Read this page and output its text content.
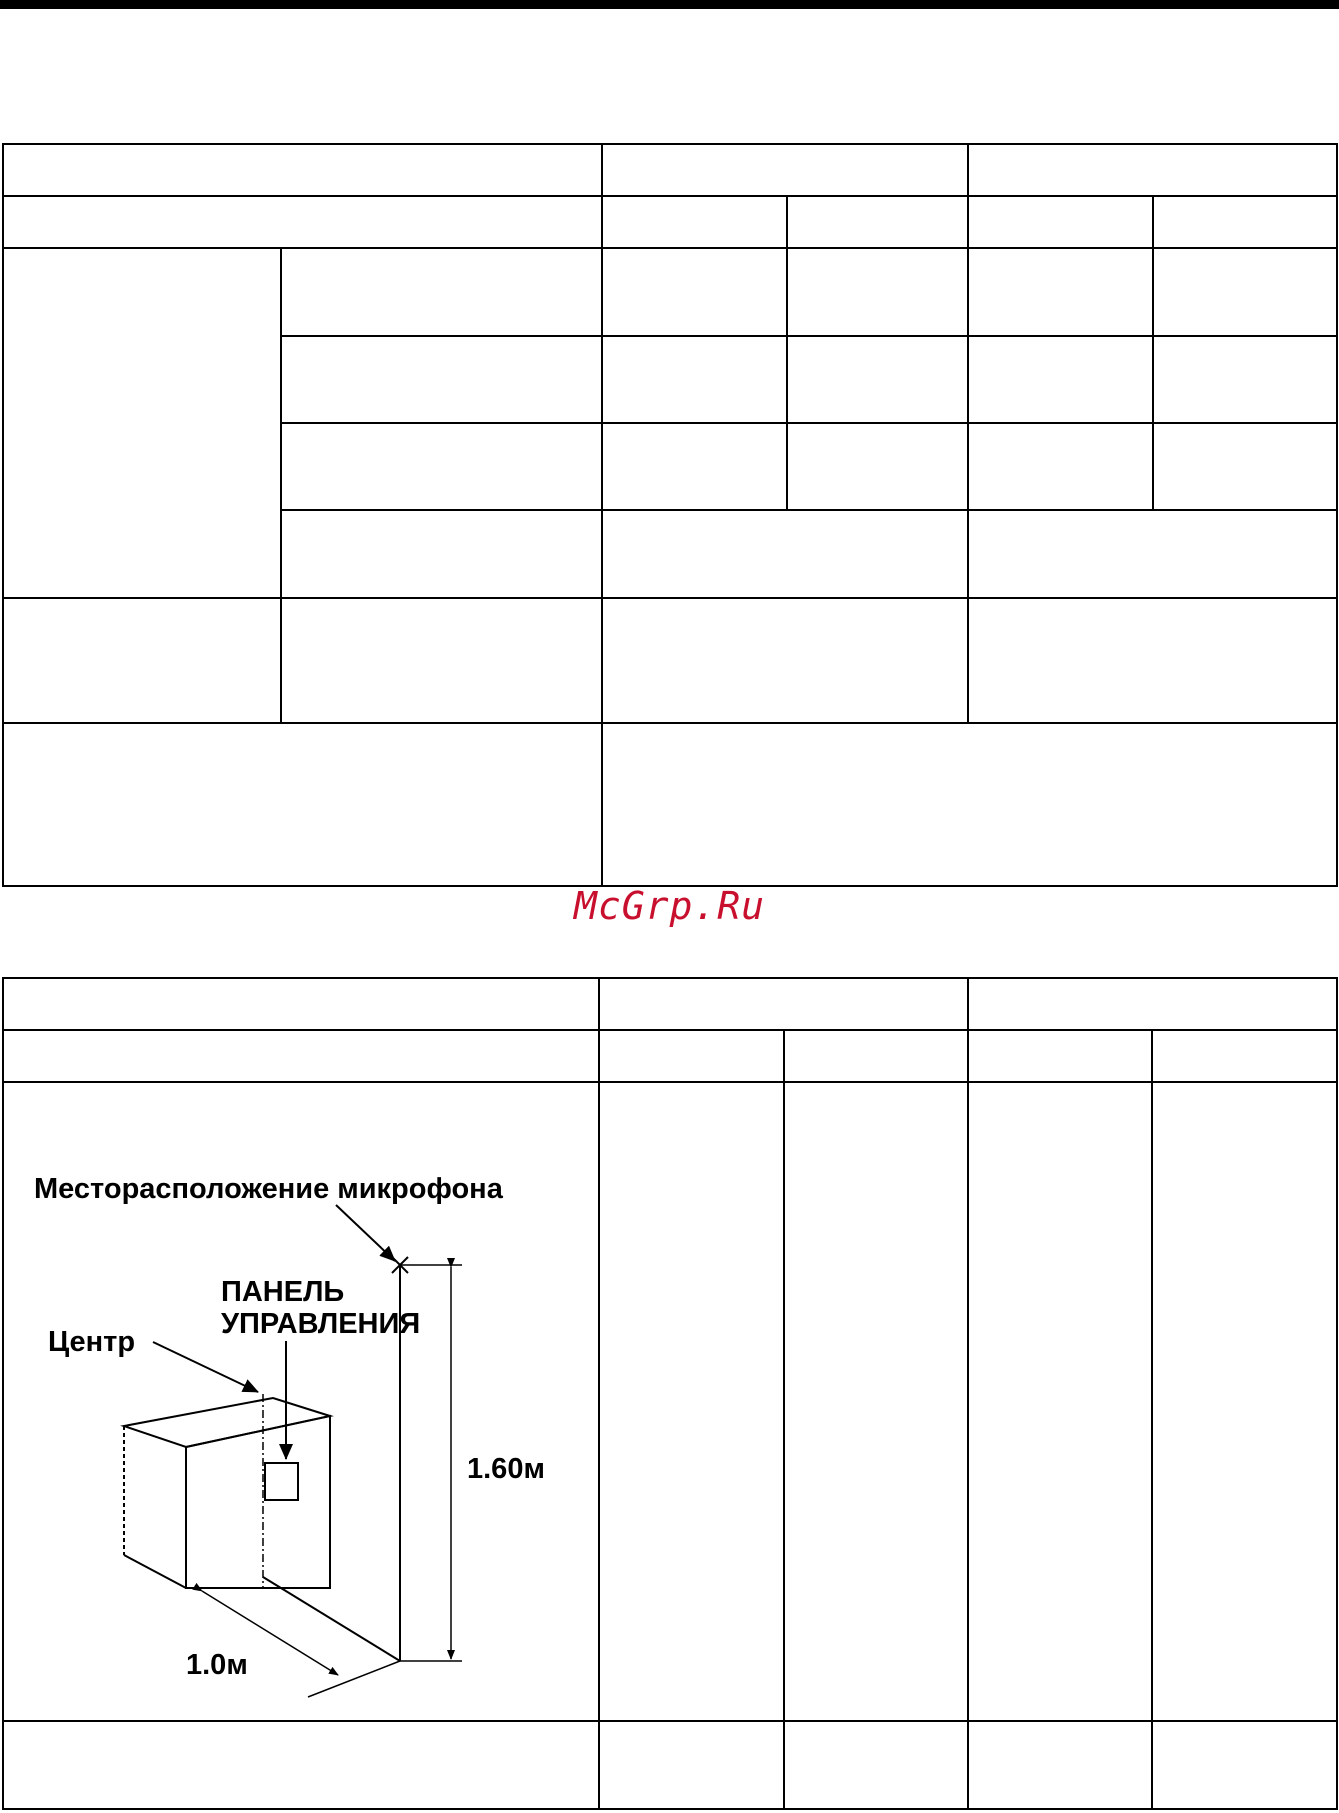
McGrp.Ru
Месторасположение микрофона
ПАНЕЛЬ
УПРАВЛЕНИЯ
Центр
1.60м
1.0м
